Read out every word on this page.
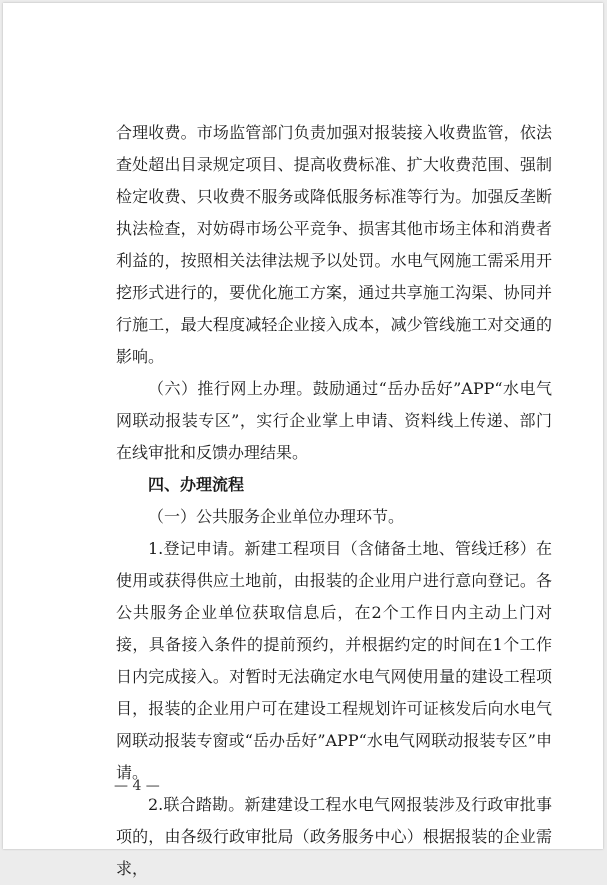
合理收费。市场监管部门负责加强对报装接入收费监管，依法查处超出目录规定项目、提高收费标准、扩大收费范围、强制检定收费、只收费不服务或降低服务标准等行为。加强反垄断执法检查，对妨碍市场公平竞争、损害其他市场主体和消费者利益的，按照相关法律法规予以处罚。水电气网施工需采用开挖形式进行的，要优化施工方案，通过共享施工沟渠、协同并行施工，最大程度减轻企业接入成本，减少管线施工对交通的影响。

（六）推行网上办理。鼓励通过“岳办岳好”APP“水电气网联动报装专区”，实行企业掌上申请、资料线上传递、部门在线审批和反馈办理结果。

四、办理流程

（一）公共服务企业单位办理环节。

1.登记申请。新建工程项目（含储备土地、管线迁移）在使用或获得供应土地前，由报装的企业用户进行意向登记。各公共服务企业单位获取信息后，在2个工作日内主动上门对接，具备接入条件的提前预约，并根据约定的时间在1个工作日内完成接入。对暂时无法确定水电气网使用量的建设工程项目，报装的企业用户可在建设工程规划许可证核发后向水电气网联动报装专窗或“岳办岳好”APP“水电气网联动报装专区”申请。

2.联合踏勘。新建建设工程水电气网报装涉及行政审批事项的，由各级行政审批局（政务服务中心）根据报装的企业需求，

— 4 —
